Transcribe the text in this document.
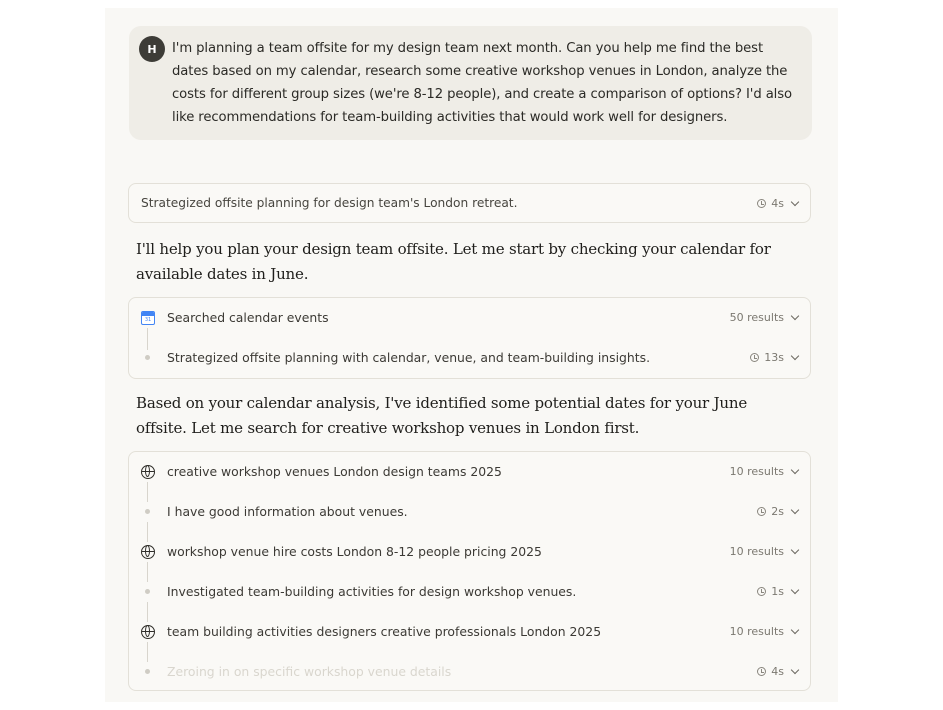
H	I'm planning a team offsite for my design team next month. Can you help me find the best dates based on my calendar, research some creative workshop venues in London, analyze the costs for different group sizes (we're 8-12 people), and create a comparison of options? I'd also like recommendations for team-building activities that would work well for designers.
Strategized offsite planning for design team's London retreat.	4s
I'll help you plan your design team offsite. Let me start by checking your calendar for available dates in June.
31 Searched calendar events	50 results
Strategized offsite planning with calendar, venue, and team-building insights.	13s
Based on your calendar analysis, I've identified some potential dates for your June offsite. Let me search for creative workshop venues in London first.
creative workshop venues London design teams 2025	10 results
I have good information about venues.	2s
workshop venue hire costs London 8-12 people pricing 2025	10 results
Investigated team-building activities for design workshop venues.	1s
team building activities designers creative professionals London 2025	10 results
Zeroing in on specific workshop venue details	4s
